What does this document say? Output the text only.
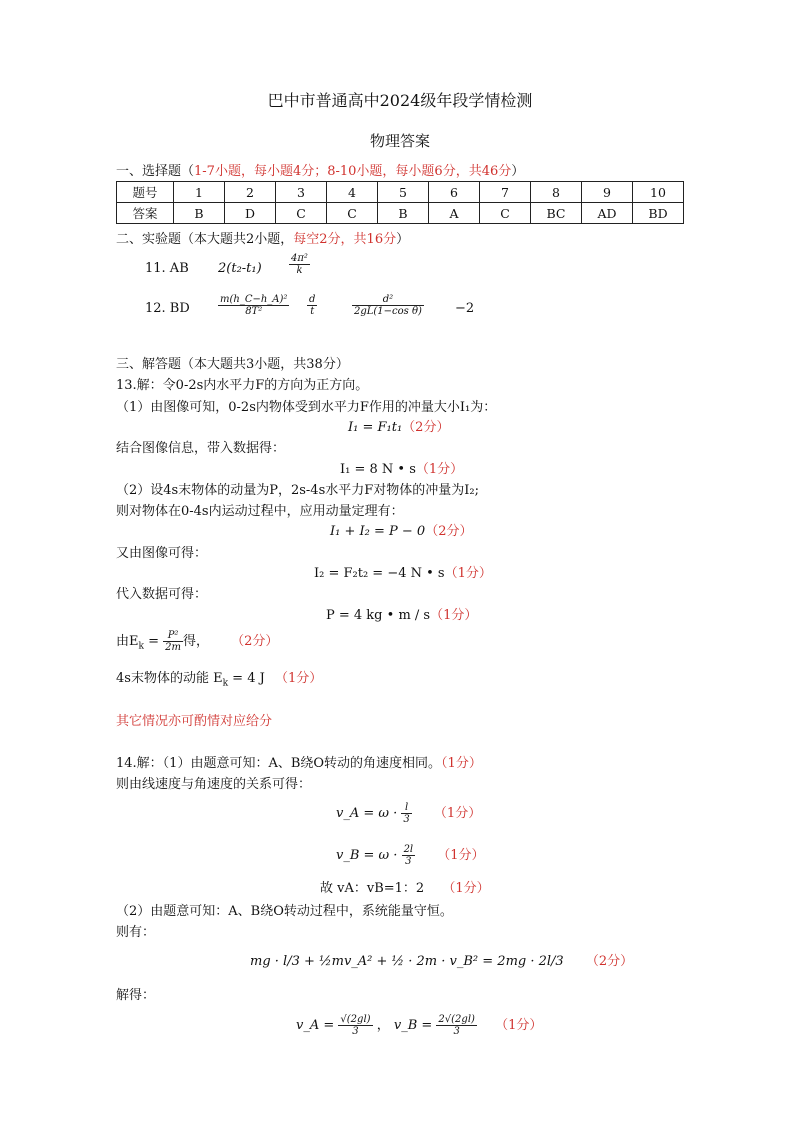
巴中市普通高中2024级年段学情检测
物理答案
一、选择题（1-7小题，每小题4分；8-10小题，每小题6分，共46分）
题号	1	2	3	4	5	6	7	8	9	10
答案	B	D	C	C	B	A	C	BC	AD	BD
二、实验题（本大题共2小题，每空2分，共16分）
11. AB 2(t₂-t₁)	$\frac{\text{4π²}}{k}$
12. BD	$\frac{\text{m(h\_C−h\_A)²}}{\text{8T²}} \frac{d}{t}$	$\frac{\text{d²}}{\text{2gL(1−cos θ)}} -2$
三、解答题（本大题共3小题，共38分）
13.解：令0-2s内水平力F的方向为正方向。
（1）由图像可知，0-2s内物体受到水平力F作用的冲量大小I₁为：
I₁ = F₁t₁（2分）
结合图像信息，带入数据得：
I₁ = 8 N • s（1分）
（2）设4s末物体的动量为P，2s-4s水平力F对物体的冲量为I₂;
则对物体在0-4s内运动过程中，应用动量定理有：
I₁ + I₂ = P − 0（2分）
又由图像可得：
I₂ = F₂t₂ = −4 N • s（1分）
代入数据可得：
P = 4 kg • m / s（1分）
由$E_k = \frac{\text{P²}}{2m}$ 得， （2分）
4s末物体的动能 $E_k = 4$ J （1分）
其它情况亦可酌情对应给分
14.解：（1）由题意可知：A、B绕O转动的角速度相同。（1分）
则由线速度与角速度的关系可得：
v_A = $\omega \cdot \frac{l}{3} (1$分）
v_B = $\omega \cdot \frac{2l}{3} (1$分）
故 vA：vB=1：2 （1分）
（2）由题意可知：A、B绕O转动过程中，系统能量守恒。
则有：
mg · l/3 + ½mv_A² + ½ · 2m · v_B² = 2mg · 2l/3 （2分）
解得：
v_A = $\frac{√(2gl)}{3}$ ， v_B = $\frac{2√(2gl)}{3} (1$分）
